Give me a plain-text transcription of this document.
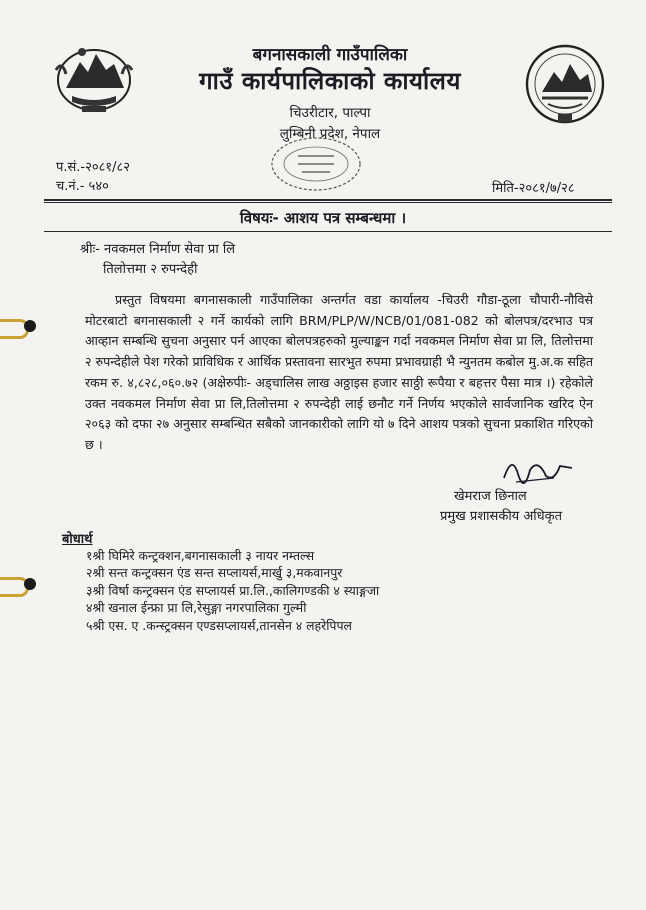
बगनासकाली गाउँपालिका
गाउँ कार्यपालिकाको कार्यालय
चिउरीटार, पाल्पा
लुम्बिनी प्रदेश, नेपाल
प.सं.-२०८१/८२
च.नं.- ५४०	मिति-२०८१/७/२८
विषयः- आशय पत्र सम्बन्धमा ।
श्रीः- नवकमल निर्माण सेवा प्रा लि
तिलोत्तमा २ रुपन्देही
प्रस्तुत विषयमा बगनासकाली गाउँपालिका अन्तर्गत वडा कार्यालय -चिउरी गौडा-ठूला चौपारी-नौविसे मोटरबाटो बगनासकाली २ गर्ने कार्यको लागि BRM/PLP/W/NCB/01/081-082 को बोलपत्र/दरभाउ पत्र आव्हान सम्बन्धि सुचना अनुसार पर्न आएका बोलपत्रहरुको मुल्याङ्कन गर्दा नवकमल निर्माण सेवा प्रा लि, तिलोत्तमा २ रुपन्देहीले पेश गरेको प्राविधिक र आर्थिक प्रस्तावना सारभुत रुपमा प्रभावग्राही भै न्युनतम कबोल मु.अ.क सहित रकम रु. ४,८२८,०६०.७२ (अक्षेरुपीः- अड्चालिस लाख अठ्ठाइस हजार साठ्ठी रूपैया र बहत्तर पैसा मात्र ।) रहेकोले उक्त नवकमल निर्माण सेवा प्रा लि,तिलोत्तमा २ रुपन्देही लाई छनौट गर्ने निर्णय भएकोले सार्वजानिक खरिद ऐन २०६३ को दफा २७ अनुसार सम्बन्धित सबैको जानकारीको लागि यो ७ दिने आशय पत्रको सुचना प्रकाशित गरिएको छ ।
खेमराज छिनाल
प्रमुख प्रशासकीय अधिकृत
बोधार्थ
१श्री घिमिरे कन्ट्रक्शन,बगनासकाली ३ नायर नम्तल्स
२श्री सन्त कन्ट्रक्सन एंड सन्त सप्लायर्स,मार्खु ३,मकवानपुर
३श्री विर्षा कन्ट्रक्सन एंड सप्लायर्स प्रा.लि.,कालिगण्डकी ४ स्याङ्गजा
४श्री खनाल ईन्फ्रा प्रा लि,रेसुङ्गा नगरपालिका गुल्मी
५श्री एस. ए .कन्स्ट्रक्सन एण्डसप्लायर्स,तानसेन ४ लहरेपिपल
